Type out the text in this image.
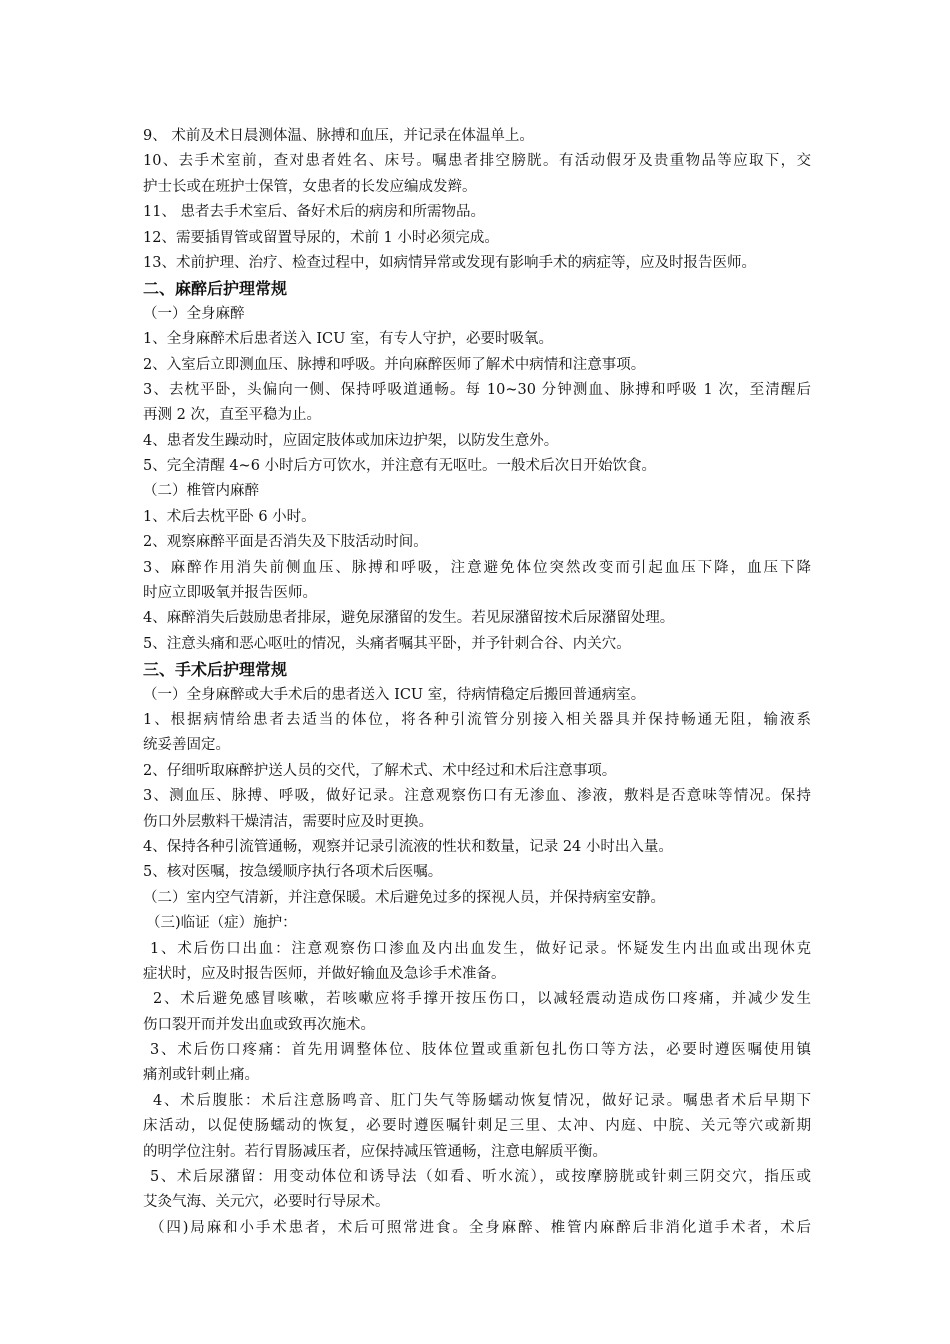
9、 术前及术日晨测体温、脉搏和血压，并记录在体温单上。
10、去手术室前，查对患者姓名、床号。嘱患者排空膀胱。有活动假牙及贵重物品等应取下，交
护士长或在班护士保管，女患者的长发应编成发辫。
11、 患者去手术室后、备好术后的病房和所需物品。
12、需要插胃管或留置导尿的，术前 1 小时必须完成。
13、术前护理、治疗、检查过程中，如病情异常或发现有影响手术的病症等，应及时报告医师。
二、麻醉后护理常规
（一）全身麻醉
1、全身麻醉术后患者送入 ICU 室，有专人守护，必要时吸氧。
2、入室后立即测血压、脉搏和呼吸。并向麻醉医师了解术中病情和注意事项。
3、去枕平卧，头偏向一侧、保持呼吸道通畅。每 10~30 分钟测血、脉搏和呼吸 1 次，至清醒后
再测 2 次，直至平稳为止。
4、患者发生躁动时，应固定肢体或加床边护架，以防发生意外。
5、完全清醒 4~6 小时后方可饮水，并注意有无呕吐。一般术后次日开始饮食。
（二）椎管内麻醉
1、术后去枕平卧 6 小时。
2、观察麻醉平面是否消失及下肢活动时间。
3、麻醉作用消失前侧血压、脉搏和呼吸，注意避免体位突然改变而引起血压下降，血压下降
时应立即吸氧并报告医师。
4、麻醉消失后鼓励患者排尿，避免尿潴留的发生。若见尿潴留按术后尿潴留处理。
5、注意头痛和恶心呕吐的情况，头痛者嘱其平卧，并予针刺合谷、内关穴。
三、手术后护理常规
（一）全身麻醉或大手术后的患者送入 ICU 室，待病情稳定后搬回普通病室。
1、根据病情给患者去适当的体位，将各种引流管分别接入相关器具并保持畅通无阻，输液系
统妥善固定。
2、仔细听取麻醉护送人员的交代，了解术式、术中经过和术后注意事项。
3、测血压、脉搏、呼吸，做好记录。注意观察伤口有无渗血、渗液，敷料是否意味等情况。保持
伤口外层敷料干燥清洁，需要时应及时更换。
4、保持各种引流管通畅，观察并记录引流液的性状和数量，记录 24 小时出入量。
5、核对医嘱，按急缓顺序执行各项术后医嘱。
（二）室内空气清新，并注意保暖。术后避免过多的探视人员，并保持病室安静。
（三)临证（症）施护：
1、术后伤口出血：注意观察伤口渗血及内出血发生，做好记录。怀疑发生内出血或出现休克
症状时，应及时报告医师，并做好输血及急诊手术准备。
2、术后避免感冒咳嗽，若咳嗽应将手撑开按压伤口，以减轻震动造成伤口疼痛，并减少发生
伤口裂开而并发出血或致再次施术。
3、术后伤口疼痛：首先用调整体位、肢体位置或重新包扎伤口等方法，必要时遵医嘱使用镇
痛剂或针刺止痛。
4、术后腹胀：术后注意肠鸣音、肛门失气等肠蠕动恢复情况，做好记录。嘱患者术后早期下
床活动，以促使肠蠕动的恢复，必要时遵医嘱针刺足三里、太冲、内庭、中脘、关元等穴或新期
的明学位注射。若行胃肠减压者，应保持减压管通畅，注意电解质平衡。
5、术后尿潴留：用变动体位和诱导法（如看、听水流），或按摩膀胱或针刺三阴交穴，指压或
艾灸气海、关元穴，必要时行导尿术。
（四)局麻和小手术患者，术后可照常进食。全身麻醉、椎管内麻醉后非消化道手术者，术后
